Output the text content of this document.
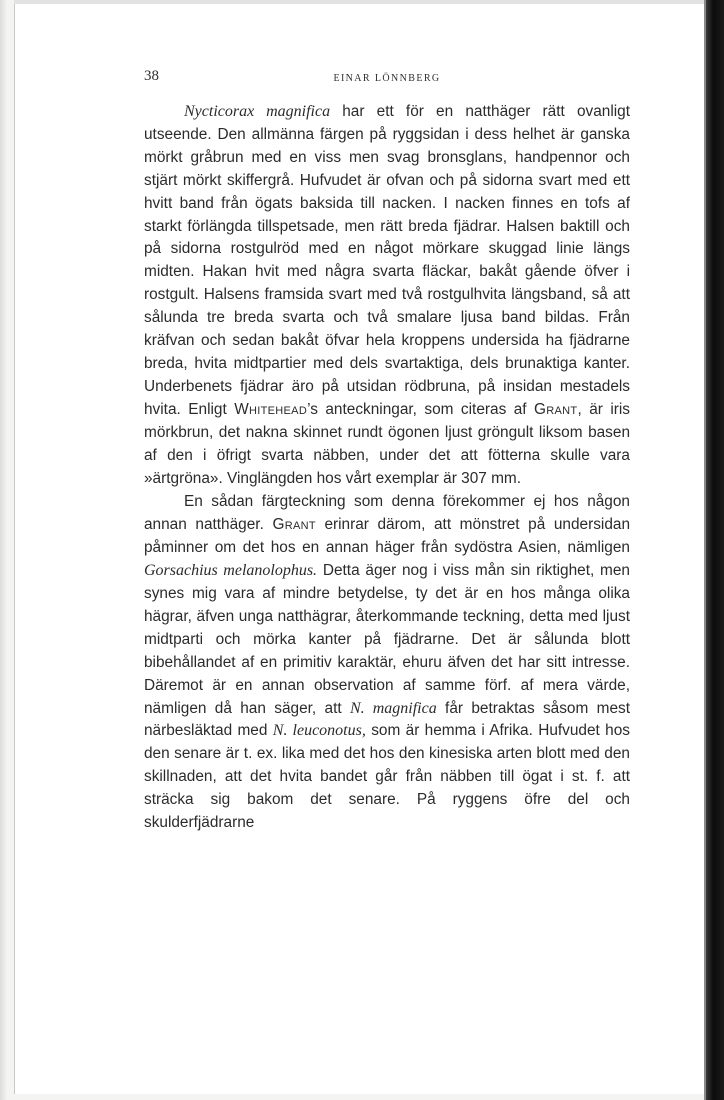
38	EINAR LÖNNBERG

Nycticorax magnifica har ett för en natthäger rätt ovanligt utseende. Den allmänna färgen på ryggsidan i dess helhet är ganska mörkt gråbrun med en viss men svag bronsglans, handpennor och stjärt mörkt skiffergrå. Hufvudet är ofvan och på sidorna svart med ett hvitt band från ögats baksida till nacken. I nacken finnes en tofs af starkt förlängda tillspetsade, men rätt breda fjädrar. Halsen baktill och på sidorna rostgulröd med en något mörkare skuggad linie längs midten. Hakan hvit med några svarta fläckar, bakåt gående öfver i rostgult. Halsens framsida svart med två rostgulhvita längsband, så att sålunda tre breda svarta och två smalare ljusa band bildas. Från kräfvan och sedan bakåt öfvar hela kroppens undersida ha fjädrarne breda, hvita midtpartier med dels svartaktiga, dels brunaktiga kanter. Underbenets fjädrar äro på utsidan rödbruna, på insidan mestadels hvita. Enligt Whitehead’s anteckningar, som citeras af Grant, är iris mörkbrun, det nakna skinnet rundt ögonen ljust gröngult liksom basen af den i öfrigt svarta näbben, under det att fötterna skulle vara »ärtgröna». Vinglängden hos vårt exemplar är 307 mm.

En sådan färgteckning som denna förekommer ej hos någon annan natthäger. Grant erinrar därom, att mönstret på undersidan påminner om det hos en annan häger från sydöstra Asien, nämligen Gorsachius melanolophus. Detta äger nog i viss mån sin riktighet, men synes mig vara af mindre betydelse, ty det är en hos många olika hägrar, äfven unga natthägrar, återkommande teckning, detta med ljust midtparti och mörka kanter på fjädrarne. Det är sålunda blott bibehållandet af en primitiv karaktär, ehuru äfven det har sitt intresse. Däremot är en annan observation af samme förf. af mera värde, nämligen då han säger, att N. magnifica får betraktas såsom mest närbesläktad med N. leuconotus, som är hemma i Afrika. Hufvudet hos den senare är t. ex. lika med det hos den kinesiska arten blott med den skillnaden, att det hvita bandet går från näbben till ögat i st. f. att sträcka sig bakom det senare. På ryggens öfre del och skulderfjädrarne
